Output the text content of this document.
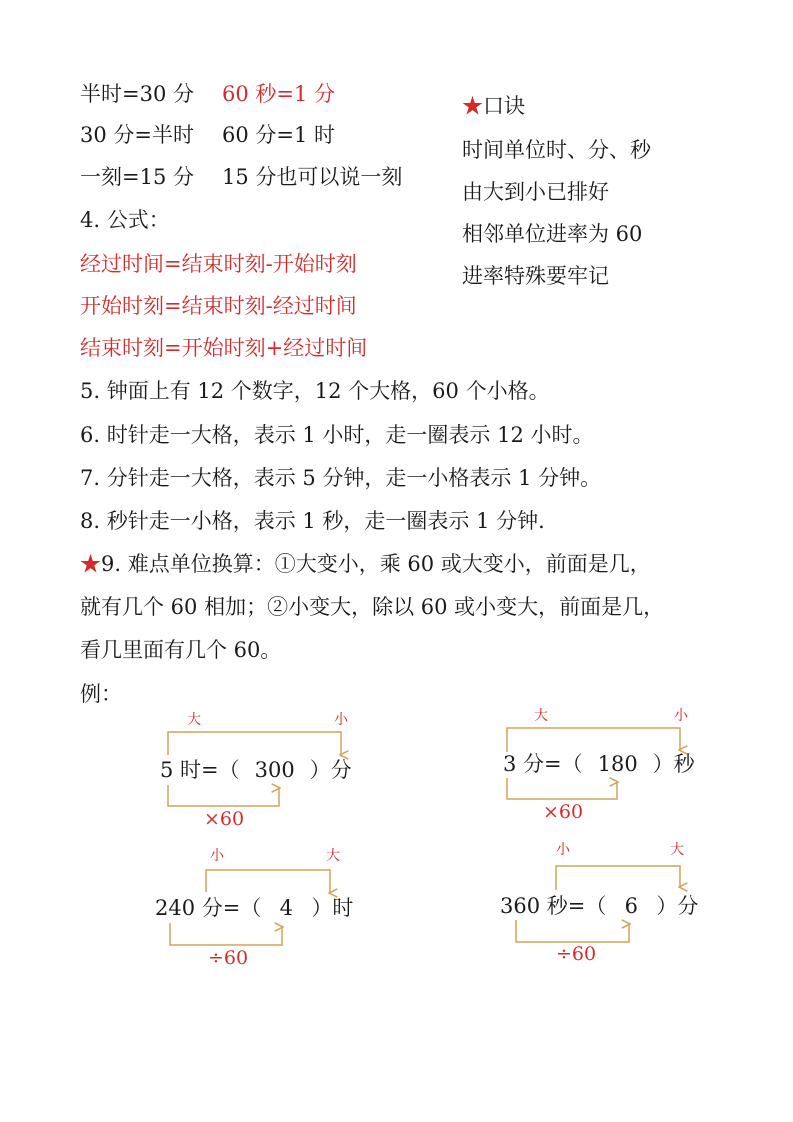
半时=30 分 60 秒=1 分
30 分=半时 60 分=1 时
一刻=15 分 15 分也可以说一刻
★口诀
时间单位时、分、秒
由大到小已排好
相邻单位进率为 60
进率特殊要牢记
4. 公式：
经过时间=结束时刻-开始时刻
开始时刻=结束时刻-经过时间
结束时刻=开始时刻+经过时间
5. 钟面上有 12 个数字，12 个大格，60 个小格。
6. 时针走一大格，表示 1 小时，走一圈表示 12 小时。
7. 分针走一大格，表示 5 分钟，走一小格表示 1 分钟。
8. 秒针走一小格，表示 1 秒，走一圈表示 1 分钟.
★9. 难点单位换算：①大变小，乘 60 或大变小，前面是几，
就有几个 60 相加；②小变大，除以 60 或小变大，前面是几，
看几里面有几个 60。
例：
大	小
5 时=（ 300 ）分
×60
大	小
3 分=（ 180 ）秒
×60
小	大
240 分=（ 4 ）时
÷60
小	大
360 秒=（ 6 ）分
÷60
